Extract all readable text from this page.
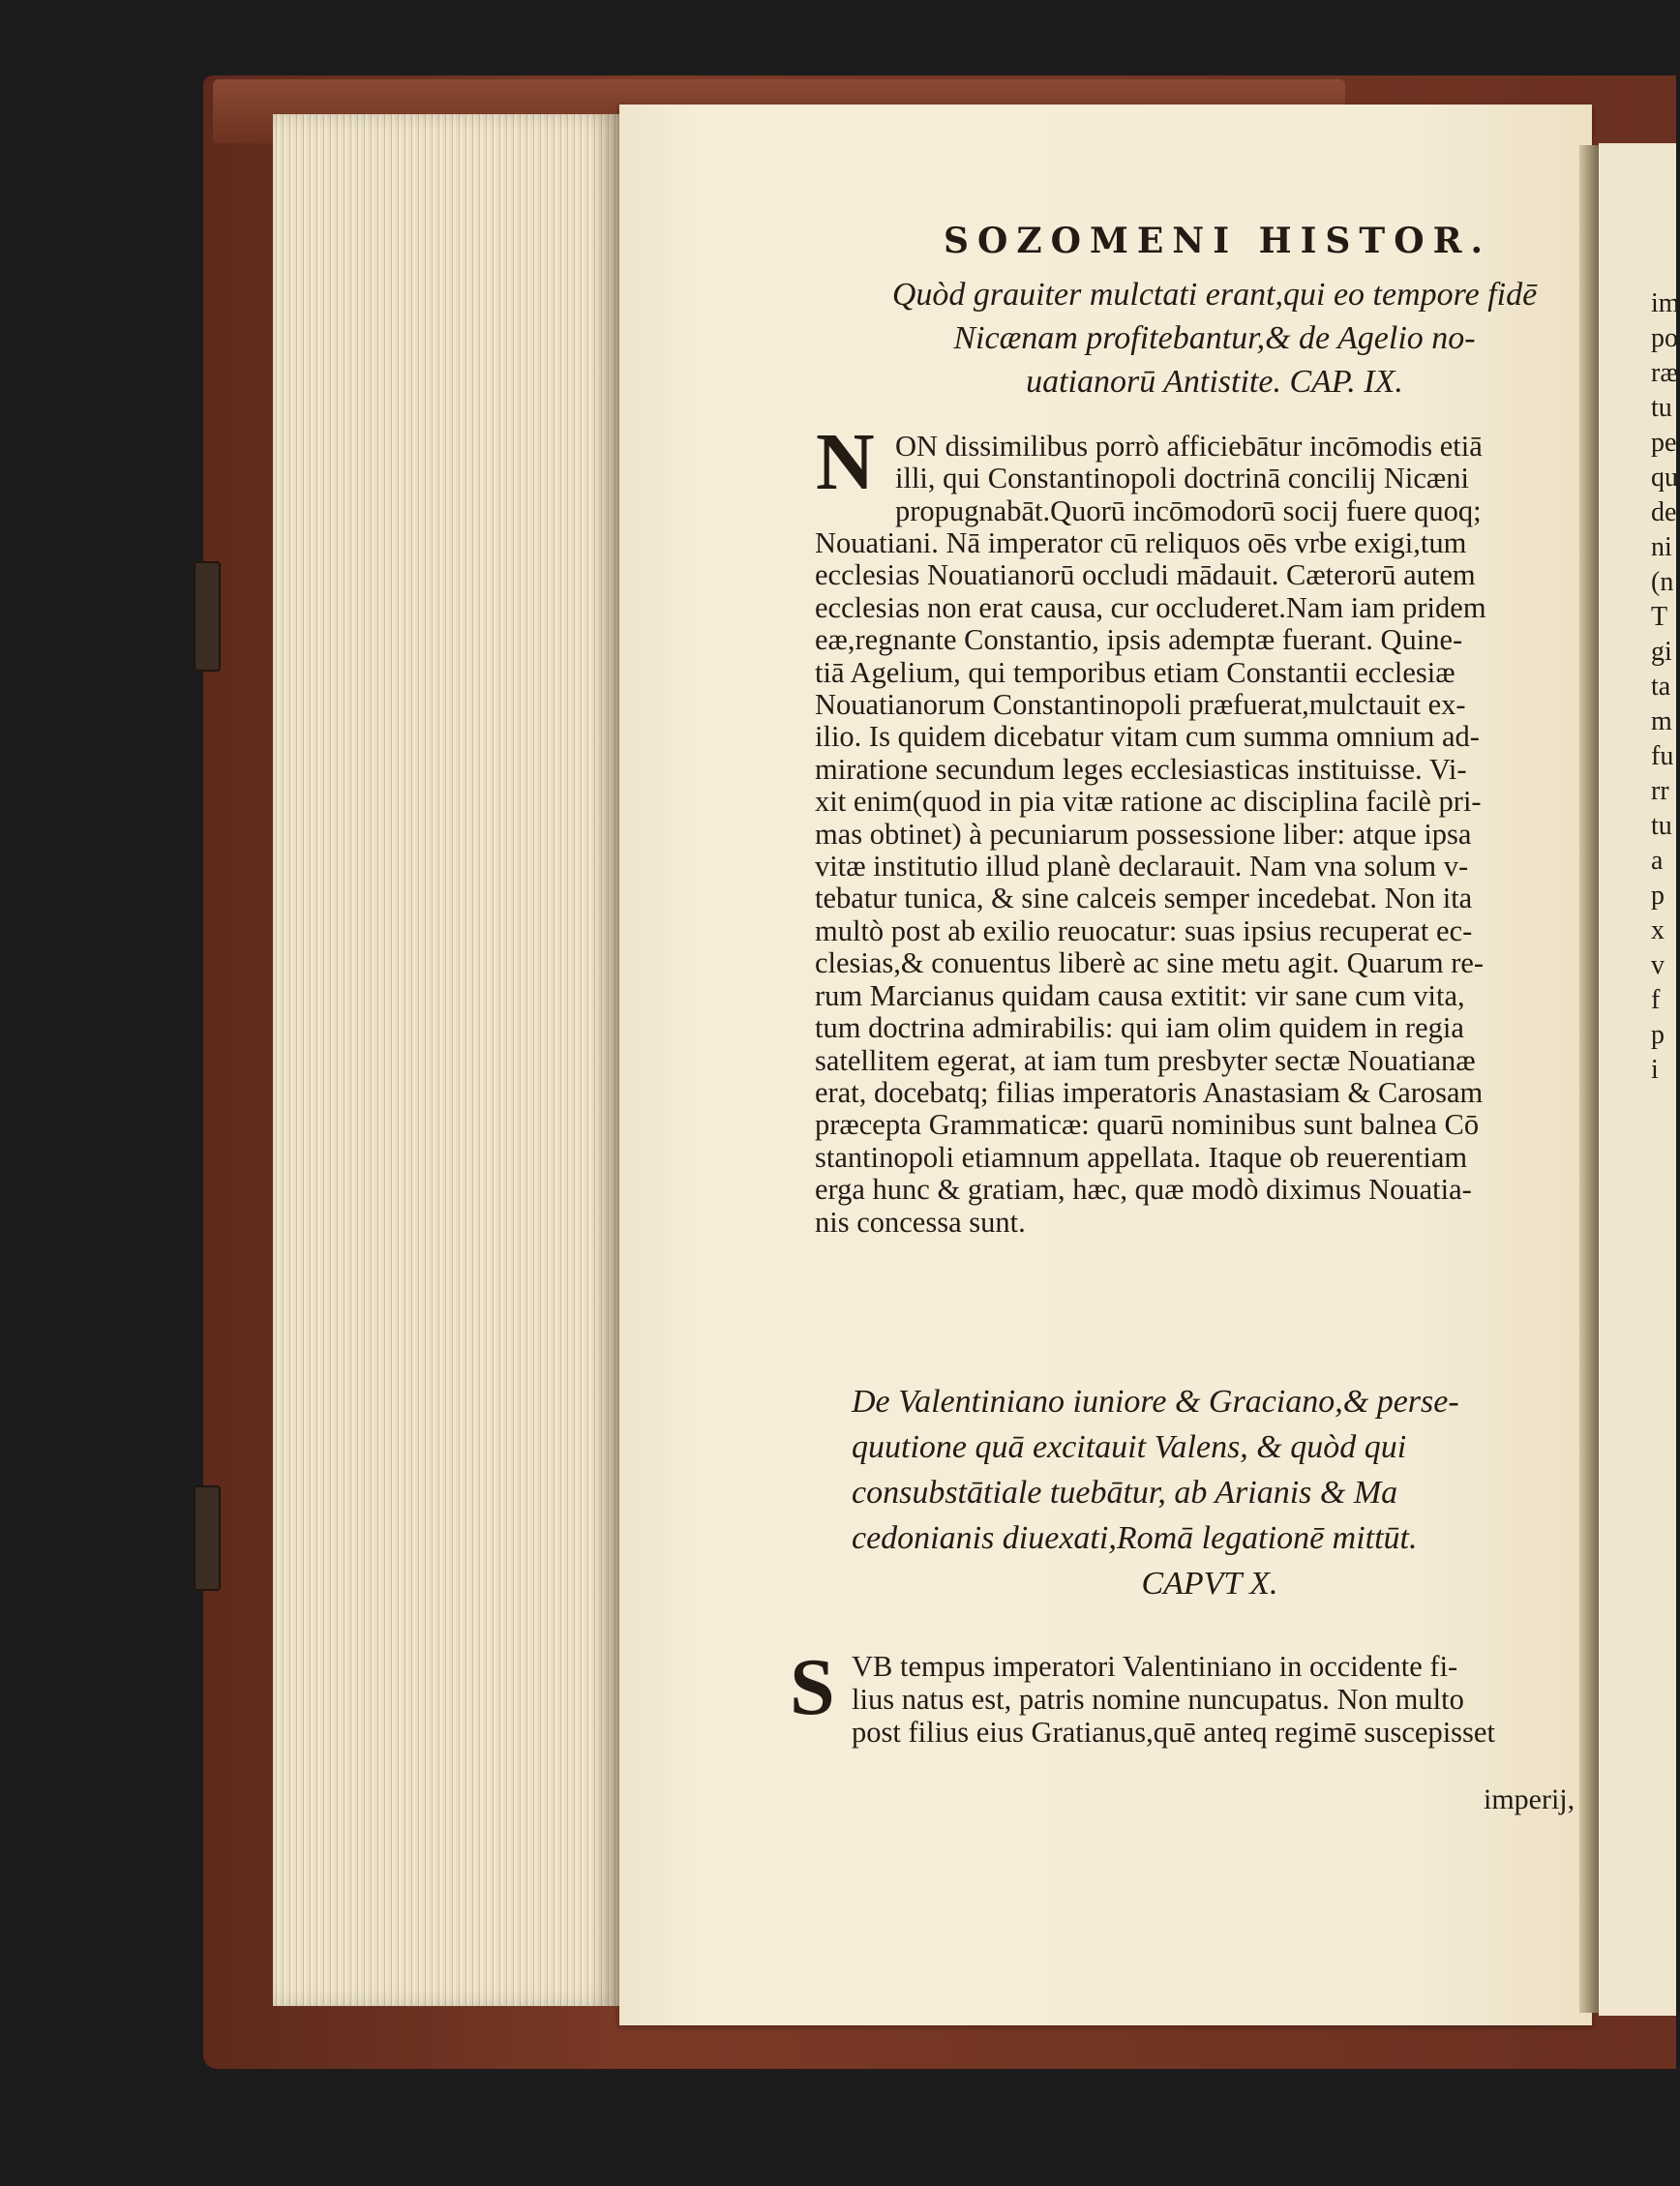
SOZOMENI HISTOR.
Quòd grauiter mulctati erant,qui eo tempore fidē
Nicænam profitebantur,& de Agelio no-
uatianorū Antistite. CAP. IX.
N ON dissimilibus porrò afficiebātur incōmodis etiā
illi, qui Constantinopoli doctrinā concilij Nicæni
propugnabāt.Quorū incōmodorū socij fuere quoq;
Nouatiani. Nā imperator cū reliquos oēs vrbe exigi,tum
ecclesias Nouatianorū occludi mādauit. Cæterorū autem
ecclesias non erat causa, cur occluderet.Nam iam pridem
eæ,regnante Constantio, ipsis ademptæ fuerant. Quine-
tiā Agelium, qui temporibus etiam Constantii ecclesiæ
Nouatianorum Constantinopoli præfuerat,mulctauit ex-
ilio. Is quidem dicebatur vitam cum summa omnium ad-
miratione secundum leges ecclesiasticas instituisse. Vi-
xit enim(quod in pia vitæ ratione ac disciplina facilè pri-
mas obtinet) à pecuniarum possessione liber: atque ipsa
vitæ institutio illud planè declarauit. Nam vna solum v-
tebatur tunica, & sine calceis semper incedebat. Non ita
multò post ab exilio reuocatur: suas ipsius recuperat ec-
clesias,& conuentus liberè ac sine metu agit. Quarum re-
rum Marcianus quidam causa extitit: vir sane cum vita,
tum doctrina admirabilis: qui iam olim quidem in regia
satellitem egerat, at iam tum presbyter sectæ Nouatianæ
erat, docebatq; filias imperatoris Anastasiam & Carosam
præcepta Grammaticæ: quarū nominibus sunt balnea Cō
stantinopoli etiamnum appellata. Itaque ob reuerentiam
erga hunc & gratiam, hæc, quæ modò diximus Nouatia-
nis concessa sunt.
De Valentiniano iuniore & Graciano,& perse-
quutione quā excitauit Valens, & quòd qui
consubstātiale tuebātur, ab Arianis & Ma
cedonianis diuexati,Romā legationē mittūt.
CAPVT X.
S VB tempus imperatori Valentiniano in occidente fi-
lius natus est, patris nomine nuncupatus. Non multo
post filius eius Gratianus,quē anteq regimē suscepisset
imperij,
im
po
ræ
tu
pe
qu
de
ni
(n
T
gi
ta
m
fu
rr
tu
a
p
x
v
f
p
i
